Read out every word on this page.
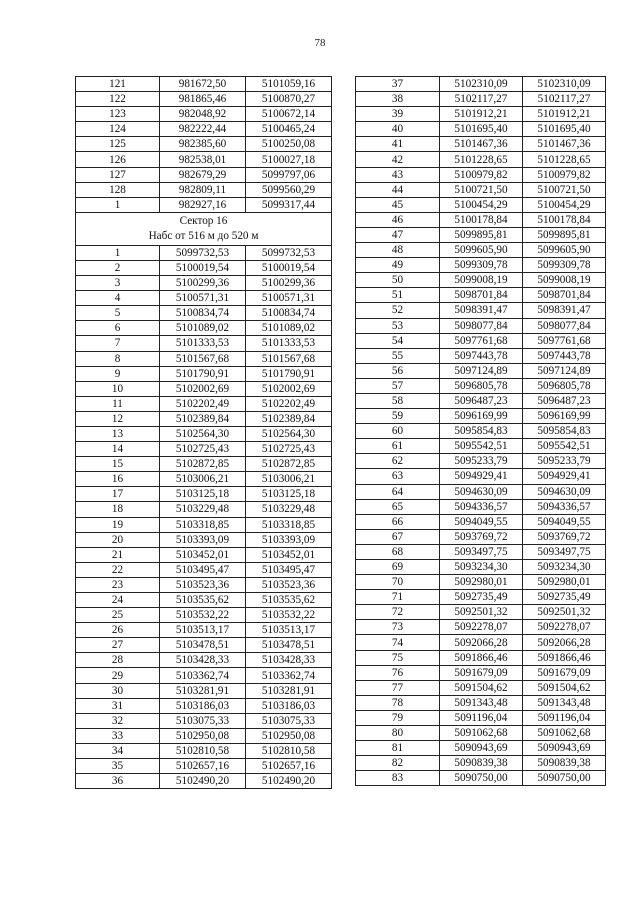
78
121	981672,50	5101059,16
122	981865,46	5100870,27
123	982048,92	5100672,14
124	982222,44	5100465,24
125	982385,60	5100250,08
126	982538,01	5100027,18
127	982679,29	5099797,06
128	982809,11	5099560,29
1	982927,16	5099317,44

Сектор 16
Набс от 516 м до 520 м		

1	5099732,53	5099732,53
2	5100019,54	5100019,54
3	5100299,36	5100299,36
4	5100571,31	5100571,31
5	5100834,74	5100834,74
6	5101089,02	5101089,02
7	5101333,53	5101333,53
8	5101567,68	5101567,68
9	5101790,91	5101790,91
10	5102002,69	5102002,69
11	5102202,49	5102202,49
12	5102389,84	5102389,84
13	5102564,30	5102564,30
14	5102725,43	5102725,43
15	5102872,85	5102872,85
16	5103006,21	5103006,21
17	5103125,18	5103125,18
18	5103229,48	5103229,48
19	5103318,85	5103318,85
20	5103393,09	5103393,09
21	5103452,01	5103452,01
22	5103495,47	5103495,47
23	5103523,36	5103523,36
24	5103535,62	5103535,62
25	5103532,22	5103532,22
26	5103513,17	5103513,17
27	5103478,51	5103478,51
28	5103428,33	5103428,33
29	5103362,74	5103362,74
30	5103281,91	5103281,91
31	5103186,03	5103186,03
32	5103075,33	5103075,33
33	5102950,08	5102950,08
34	5102810,58	5102810,58
35	5102657,16	5102657,16
36	5102490,20	5102490,20
37	5102310,09	5102310,09
38	5102117,27	5102117,27
39	5101912,21	5101912,21
40	5101695,40	5101695,40
41	5101467,36	5101467,36
42	5101228,65	5101228,65
43	5100979,82	5100979,82
44	5100721,50	5100721,50
45	5100454,29	5100454,29
46	5100178,84	5100178,84
47	5099895,81	5099895,81
48	5099605,90	5099605,90
49	5099309,78	5099309,78
50	5099008,19	5099008,19
51	5098701,84	5098701,84
52	5098391,47	5098391,47
53	5098077,84	5098077,84
54	5097761,68	5097761,68
55	5097443,78	5097443,78
56	5097124,89	5097124,89
57	5096805,78	5096805,78
58	5096487,23	5096487,23
59	5096169,99	5096169,99
60	5095854,83	5095854,83
61	5095542,51	5095542,51
62	5095233,79	5095233,79
63	5094929,41	5094929,41
64	5094630,09	5094630,09
65	5094336,57	5094336,57
66	5094049,55	5094049,55
67	5093769,72	5093769,72
68	5093497,75	5093497,75
69	5093234,30	5093234,30
70	5092980,01	5092980,01
71	5092735,49	5092735,49
72	5092501,32	5092501,32
73	5092278,07	5092278,07
74	5092066,28	5092066,28
75	5091866,46	5091866,46
76	5091679,09	5091679,09
77	5091504,62	5091504,62
78	5091343,48	5091343,48
79	5091196,04	5091196,04
80	5091062,68	5091062,68
81	5090943,69	5090943,69
82	5090839,38	5090839,38
83	5090750,00	5090750,00
